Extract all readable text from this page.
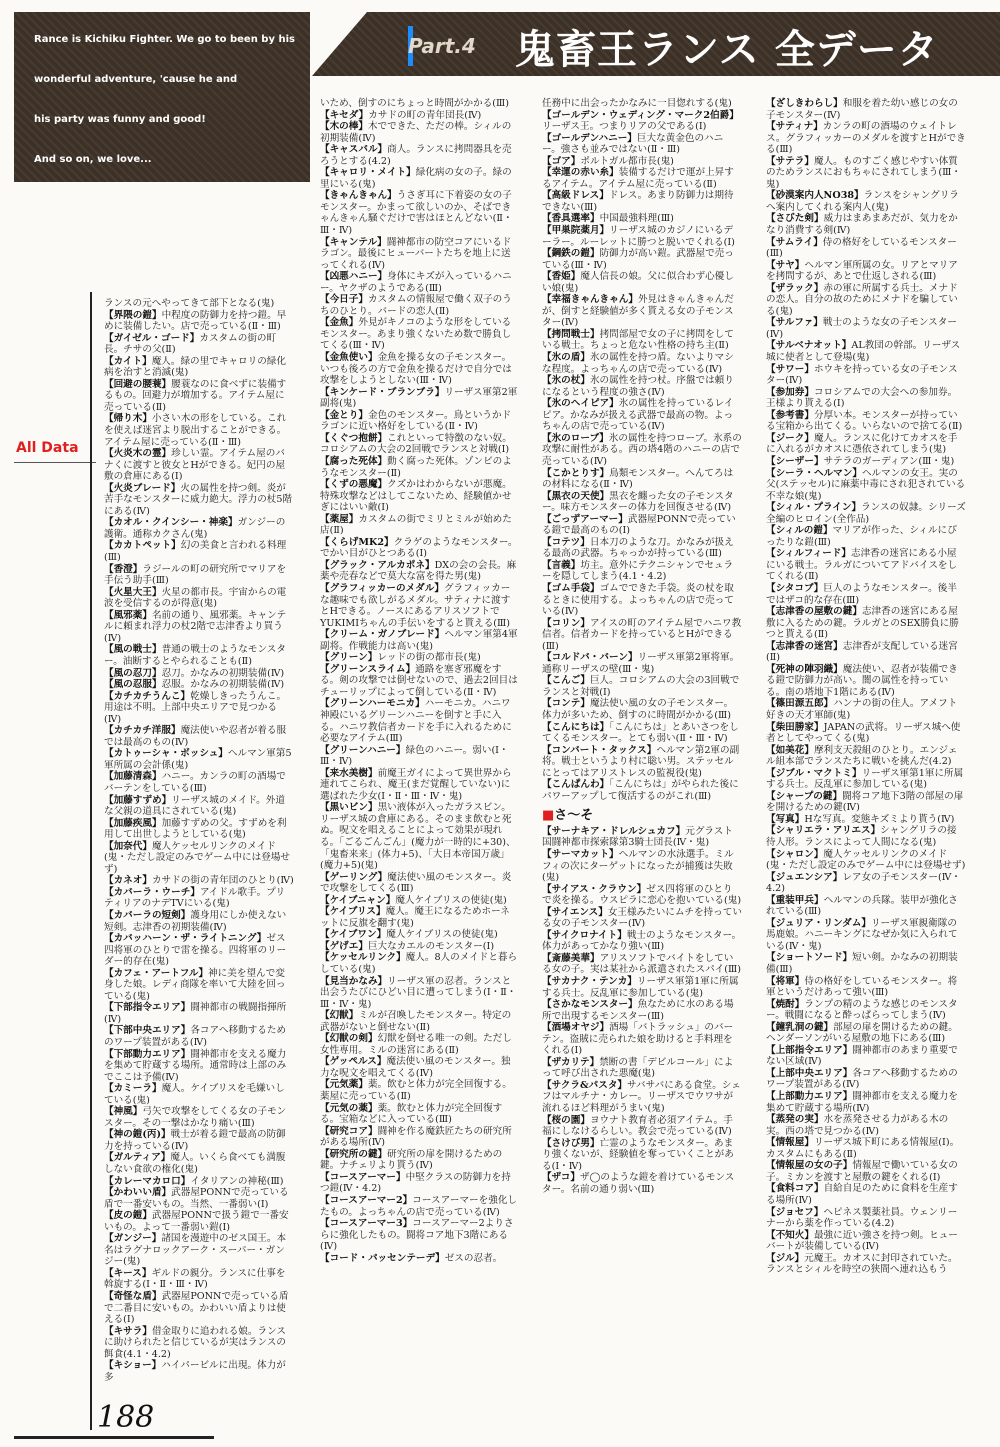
Rance is Kichiku Fighter. We go to been by his
wonderful adventure, 'cause he and
his party was funny and good!
And so on, we love...
Part.4 鬼畜王ランス 全データ
All Data

ランスの元へやってきて部下となる(鬼)

【界隈の鎧】中程度の防御力を持つ鎧。早めに装備したい。店で売っている(Ⅱ・Ⅲ)

【ガイゼル・ゴード】カスタムの街の町長。チサの父(Ⅱ)

【カイト】魔人。緑の里でキャロリの緑化病を治すと消滅(鬼)

【回避の腰蓑】腰蓑なのに食べずに装備するもの。回避力が増加する。アイテム屋に売っている(Ⅱ)

【帰り木】小さい木の形をしている。これを使えば迷宮より脱出することができる。アイテム屋に売っている(Ⅱ・Ⅲ)

【火炎木の霊】珍しい霊。アイテム屋のバナくに渡すと彼女とHができる。妃円の屋敷の倉庫にある(Ⅰ)

【火炎ブレード】火の属性を持つ剣。炎が苦手なモンスターに威力絶大。浮力の杖5階にある(Ⅳ)

【カオル・クインシー・神楽】ガンジーの護衛。通称カクさん(鬼)

【カカトペット】幻の美食と言われる料理(Ⅲ)

【香澄】ラジールの町の研究所でマリアを手伝う助手(Ⅲ)

【火星大王】火星の都市長。宇宙からの電波を受信するのが得意(鬼)

【風邪薬】名前の通り、風邪薬。キャンテルに頼まれ浮力の杖2階で志津香より買う(Ⅳ)

【風の戦士】普通の戦士のようなモンスター。油断するとやられることも(Ⅱ)

【風の忍刀】忍刀。かなみの初期装備(Ⅳ)

【風の忍服】忍服。かなみの初期装備(Ⅳ)

【カチカチうんこ】乾燥しきったうんこ。用途は不明。上部中央エリアで見つかる(Ⅳ)

【カチカチ洋服】魔法使いや忍者が着る服では最高のもの(Ⅳ)

【カトゥーシャ・ボッシュ】ヘルマン軍第5軍所属の会計係(鬼)

【加藤清森】ハニー。カンラの町の酒場でバーテンをしている(Ⅲ)

【加藤すずめ】リーザス城のメイド。外道な父親の道具にされている(鬼)

【加藤疾風】加藤すずめの父。すずめを利用して出世しようとしている(鬼)

【加奈代】魔人ケッセルリンクのメイド(鬼・ただし設定のみでゲーム中には登場せず)

【カネオ】カサドの街の青年団のひとり(Ⅳ)

【カバーラ・ウーチ】アイドル歌手。プリティリアのナデTVにいる(鬼)

【カバーラの短剣】護身用にしか使えない短剣。志津香の初期装備(Ⅳ)

【カバッハーン・ザ・ライトニング】ゼス四将軍のひとりで雷を操る。四将軍のリーダー的存在(鬼)

【カフェ・アートフル】神に美を望んで変身した娘。レディ商隊を率いて大陸を回っている(鬼)

【下部指令エリア】闘神都市の戦闘指揮所(Ⅳ)

【下部中央エリア】各コアへ移動するためのワープ装置がある(Ⅳ)

【下部動力エリア】闘神都市を支える魔力を集めて貯蔵する場所。通常時は上部のみでここは予備(Ⅳ)

【カミーラ】魔人。ケイブリスを毛嫌いしている(鬼)

【神風】弓矢で攻撃をしてくる女の子モンスター。その一撃はかなり痛い(Ⅲ)

【神の鎧(丙)】戦士が着る鎧で最高の防御力を持っている(Ⅳ)

【ガルティア】魔人。いくら食べても満腹しない食欲の権化(鬼)

【カレーマカロ口】イタリアンの神秘(Ⅲ)

【かわいい盾】武器屋PONNで売っている盾で一番安いもの。当然、一番弱い(Ⅰ)

【皮の鎧】武器屋PONNで扱う鎧で一番安いもの。よって一番弱い鎧(Ⅰ)

【ガンジー】諸国を漫遊中のゼス国王。本名はラグナロックアーク・スーパー・ガンジー(鬼)

【キース】ギルドの親分。ランスに仕事を斡旋する(Ⅰ・Ⅱ・Ⅲ・Ⅳ)

【奇怪な盾】武器屋PONNで売っている盾で二番目に安いもの。かわいい盾よりは使える(Ⅰ)

【キサラ】借金取りに追われる娘。ランスに助けられたと信じているが実はランスの餌食(4.1・4.2)

【キショー】ハイパービルに出現。体力が多

いため、倒すのにちょっと時間がかかる(Ⅲ)

【キセダ】カサドの町の青年団長(Ⅳ)

【木の棒】木でできた、ただの棒。シィルの初期装備(Ⅳ)

【キャスバル】商人。ランスに拷問器具を売ろうとする(4.2)

【キャロリ・メイト】緑化病の女の子。緑の里にいる(鬼)

【きゃんきゃん】うさぎ耳に下着姿の女の子モンスター。かまって欲しいのか、そばできゃんきゃん騒ぐだけで害はほとんどない(Ⅱ・Ⅲ・Ⅳ)

【キャンテル】闘神都市の防空コアにいるドラゴン。最後にヒューバートたちを地上に送ってくれる(Ⅳ)

【凶悪ハニー】身体にキズが入っているハニー。ヤクザのようである(Ⅲ)

【今日子】カスタムの情報屋で働く双子のうちのひとり。バードの恋人(Ⅱ)

【金魚】外見がキノコのような形をしているモンスター。あまり強くないため数で勝負してくる(Ⅲ・Ⅳ)

【金魚使い】金魚を操る女の子モンスター。いつも後ろの方で金魚を操るだけで自分では攻撃をしようとしない(Ⅲ・Ⅳ)

【キンケード・ブランブラ】リーザス軍第2軍副将(鬼)

【金とり】金色のモンスター。鳥というかドラゴンに近い格好をしている(Ⅱ・Ⅳ)

【くぐつ抱餅】これといって特徴のない奴。コロシアムの大会の2回戦でランスと対戦(Ⅰ)

【腐った死体】動く腐った死体。ゾンビのようなモンスター(Ⅱ)

【くずの悪魔】クズかはわからないが悪魔。特殊攻撃などはしてこないため、経験値かせぎにはいい敵(Ⅰ)

【薬屋】カスタムの街でミリとミルが始めた店(Ⅱ)

【くらげMK2】クラゲのようなモンスター。でかい目がひとつある(Ⅰ)

【グラック・アルカポネ】DXの会の会長。麻薬や売春などで莫大な富を得た男(鬼)

【グラフィッカーのメダル】グラフィッカーな趣味でも欲しがるメダル。サティナに渡すとHできる。ノースにあるアリスソフトでYUKIMIちゃんの手伝いをすると貰える(Ⅲ)

【クリーム・ガノブレード】ヘルマン軍第4軍副将。作戦能力は高い(鬼)

【グリーン】レッドの街の都市長(鬼)

【グリーンスライム】通路を塞ぎ邪魔をする。剣の攻撃では倒せないので、過去2回目はチューリップによって倒している(Ⅱ・Ⅳ)

【グリーンハーモニカ】ハーモニカ。ハニワ神殿にいるグリーンハニーを倒すと手に入る。ハニワ教信者カードを手に入れるために必要なアイテム(Ⅲ)

【グリーンハニー】緑色のハニー。弱い(Ⅰ・Ⅲ・Ⅳ)

【来水美樹】前魔王ガイによって異世界から連れてこられ、魔王(まだ覚醒していない)に選ばれた少女(Ⅰ・Ⅱ・Ⅲ・Ⅳ・鬼)

【黒いビン】黒い液体が入ったガラスビン。リーザス城の倉庫にある。そのまま飲むと死ぬ。呪文を唱えることによって効果が現れる。「ごるごんごん」(魔力が一時的に+30)、「鬼畜来来」(体力+5)、「大日本帝国万歳」(魔力+5)(鬼)

【ゲーリング】魔法使い風のモンスター。炎で攻撃をしてくる(Ⅲ)

【ケイブニャン】魔人ケイブリスの使徒(鬼)

【ケイブリス】魔人。魔王になるためホーネットに反旗を翻す(鬼)

【ケイブワン】魔人ケイブリスの使徒(鬼)

【ゲげエ】巨大なカエルのモンスター(Ⅰ)

【ケッセルリンク】魔人。8人のメイドと暮らしている(鬼)

【見当かなみ】リーザス軍の忍者。ランスと出会うたびにひどい目に遭ってしまう(Ⅰ・Ⅱ・Ⅲ・Ⅳ・鬼)

【幻獣】ミルが召喚したモンスター。特定の武器がないと倒せない(Ⅱ)

【幻獣の剣】幻獣を倒せる唯一の剣。ただし女性専用。ミルの迷宮にある(Ⅱ)

【ゲッペルス】魔法使い風のモンスター。独力な呪文を唱えてくる(Ⅳ)

【元気薬】薬。飲むと体力が完全回復する。薬屋に売っている(Ⅱ)

【元気の薬】薬。飲むと体力が完全回復する。宝箱などに入っている(Ⅲ)

【研究コア】闘神を作る魔鉄匠たちの研究所がある場所(Ⅳ)

【研究所の鍵】研究所の扉を開けるための鍵。ナチェリより貰う(Ⅳ)

【コースアーマー】中堅クラスの防御力を持つ鎧(Ⅳ・4.2)

【コースアーマー2】コースアーマーを強化したもの。よっちゃんの店で売っている(Ⅳ)

【コースアーマー3】コースアーマー2よりさらに強化したもの。闘将コア地下3階にある(Ⅳ)

【コード・パッセンテーデ】ゼスの忍者。

任務中に出会ったかなみに一目惚れする(鬼)

【ゴールデン・ウェディング・マーク2伯爵】リーザス王。つまりリアの父である(Ⅰ)

【ゴールデンハニー】巨大な黄金色のハニー。強さも並みではない(Ⅱ・Ⅲ)

【ゴア】ポルトガル都市長(鬼)

【幸運の赤い糸】装備するだけで運が上昇するアイテム。アイテム屋に売っている(Ⅱ)

【高級ドレス】ドレス。あまり防御力は期待できない(Ⅲ)

【香具選率】中国最強料理(Ⅲ)

【甲巣院薬月】リーザス城のカジノにいるデーラー。ルーレットに勝つと脱いでくれる(Ⅰ)

【鋼鉄の鎧】防御力が高い鎧。武器屋で売っている(Ⅲ・Ⅳ)

【香姫】魔人信長の娘。父に似合わず心優しい娘(鬼)

【幸福きゃんきゃん】外見はきゃんきゃんだが、倒すと経験値が多く貰える女の子モンスター(Ⅳ)

【拷問戦士】拷問部屋で女の子に拷問をしている戦士。ちょっと危ない性格の持ち主(Ⅱ)

【氷の盾】氷の属性を持つ盾。ないよりマシな程度。よっちゃんの店で売っている(Ⅳ)

【氷の杖】氷の属性を持つ杖。序盤では頼りになるという程度の強さ(Ⅳ)

【氷のヘイピア】氷の属性を持っているレイピア。かなみが扱える武器で最高の物。よっちゃんの店で売っている(Ⅳ)

【氷のローブ】氷の属性を持つローブ。氷系の攻撃に耐性がある。西の塔4階のハニーの店で売っている(Ⅳ)

【こかとりす】鳥類モンスター。へんてろはの材料になる(Ⅱ・Ⅳ)

【黒衣の天使】黒衣を纏った女の子モンスター。味方モンスターの体力を回復させる(Ⅳ)

【ごっずアーマー】武器屋PONNで売っている鎧で最高のもの(Ⅰ)

【コテツ】日本刀のような刀。かなみが扱える最高の武器。ちゃっかが持っている(Ⅲ)

【言義】坊主。意外にテクニシャンでセュラーを隠してしまう(4.1・4.2)

【ゴム手袋】ゴムでできた手袋。炎の杖を取るときに使用する。よっちゃんの店で売っている(Ⅳ)

【コリン】アイスの町のアイテム屋でハニワ教信者。信者カードを持っているとHができる(Ⅲ)

【コルドバ・バーン】リーザス軍第2軍将軍。通称リーザスの壁(Ⅲ・鬼)

【こんご】巨人。コロシアムの大会の3回戦でランスと対戦(Ⅰ)

【コンテ】魔法使い風の女の子モンスター。体力が多いため、倒すのに時間がかかる(Ⅲ)

【こんにちは】「こんにちは」とあいさつをしてくるモンスター。とても弱い(Ⅱ・Ⅲ・Ⅳ)

【コンバート・タックス】ヘルマン第2軍の副将。戦士というより村に聡い男。ステッセルにとってはアリストレスの監視役(鬼)

【こんぱんわ】「こんにちは」がやられた後にパワーアップして復活するのがこれ(Ⅲ)

■さ～そ

【サーナキア・ドレルシュカフ】元グラスト国闘神都市探索隊第3騎士団長(Ⅳ・鬼)

【サーマカット】ヘルマンの水泳選手。ミルフィの次にターゲットになったが捕獲は失敗(鬼)

【サイアス・クラウン】ゼス四将軍のひとりで炎を操る。ウスピラに恋心を抱いている(鬼)

【サイエンス】女王様みたいにムチを持っている女の子モンスター(Ⅳ)

【サイクロナイト】戦士のようなモンスター。体力があってかなり強い(Ⅲ)

【斎藤美華】アリスソフトでバイトをしている女の子。実は某社から派遣されたスパイ(Ⅲ)

【サカナク・テンカ】リーザス軍第1軍に所属する兵士。反乱軍に参加している(鬼)

【さかなモンスター】魚なために水のある場所で出現するモンスター(Ⅲ)

【酒場オヤジ】酒場「バトラッシュ」のバーテン。盗賊に売られた娘を助けると手料理をくれる(Ⅰ)

【ザカリテ】禁断の書「デビルコール」によって呼び出された悪魔(鬼)

【サクラ&パスタ】サバサバにある食堂。シェフはマルチナ・カレー。リーザスでウワサが流れるほど料理がうまい(鬼)

【桜の園】ヨウナト教育者必須アイテム。手福にしなけるらしい。教会で売っている(Ⅳ)

【さけび男】亡霊のようなモンスター。あまり強くないが、経験値を奪っていくことがある(Ⅰ・Ⅳ)

【ザコ】ザ◯のような鎧を着けているモンスター。名前の通り弱い(Ⅲ)

【ざしきわらし】和服を着た幼い感じの女の子モンスター(Ⅳ)

【サティナ】カンラの町の酒場のウェイトレス。グラフィッカーのメダルを渡すとHができる(Ⅲ)

【サテラ】魔人。ものすごく感じやすい体質のためランスにおもちゃにされてしまう(Ⅲ・鬼)

【砂漠案内人NO38】ランスをシャングリラへ案内してくれる案内人(鬼)

【さびた剣】威力はまあまあだが、気力をかなり消費する剣(Ⅳ)

【サムライ】侍の格好をしているモンスター(Ⅲ)

【サヤ】ヘルマン軍所属の女。リアとマリアを拷問するが、あとで仕返しされる(Ⅲ)

【ザラック】赤の軍に所属する兵士。メナドの恋人。自分の故のためにメナドを騙している(鬼)

【サルファ】戦士のような女の子モンスター(Ⅳ)

【サルベナオット】AL教団の幹部。リーザス城に使者として登場(鬼)

【サワー】ホウキを持っている女の子モンスター(Ⅳ)

【参加券】コロシアムでの大会への参加券。王様より貰える(Ⅰ)

【参考書】分厚い本。モンスターが持っている宝箱から出てくる。いらないので捨てる(Ⅱ)

【ジーク】魔人。ランスに化けてカオスを手に入れるがカオスに憑依されてしまう(鬼)

【シーザー】サテラのガーディアン(Ⅲ・鬼)

【シーラ・ヘルマン】ヘルマンの女王。実の父(ステッセル)に麻薬中毒にされ犯されている不幸な娘(鬼)

【シィル・プライン】ランスの奴隷。シリーズ全編のヒロイン(全作品)

【シィルの鎧】マリアが作った、シィルにぴったりな鎧(Ⅲ)

【シィルフィード】志津香の迷宮にある小屋にいる戦士。ラルガについてアドバイスをしてくれる(Ⅱ)

【シタコブ】巨人のようなモンスター。後半ではザコ的な存在(Ⅲ)

【志津香の屋敷の鍵】志津香の迷宮にある屋敷に入るための鍵。ラルガとのSEX勝負に勝つと貰える(Ⅱ)

【志津香の迷宮】志津香が支配している迷宮(Ⅱ)

【死神の陣羽織】魔法使い、忍者が装備できる鎧で防御力が高い。闇の属性を持っている。南の塔地下1階にある(Ⅳ)

【篠田源五郎】ハンナの街の住人。アメフト好きの天才軍師(鬼)

【柴田勝家】JAPANの武将。リーザス城へ使者としてやってくる(鬼)

【如美花】摩利支天殺組のひとり。エンジェル組本部でランスたちに戦いを挑んだ(4.2)

【ジブル・マクトミ】リーザス軍第1軍に所属する兵士。反乱軍に参加している(鬼)

【シャープの鍵】闘将コア地下3階の部屋の扉を開けるための鍵(Ⅳ)

【写真】Hな写真。変態キズミより貰う(Ⅳ)

【シャリエラ・アリエス】シャングリラの接待人形。ランスによって人間になる(鬼)

【シャロン】魔人ケッセルリンクのメイド(鬼・ただし設定のみでゲーム中には登場せず)

【ジュエンシア】レア女の子モンスター(Ⅳ・4.2)

【重装甲兵】ヘルマンの兵隊。装甲が強化されている(Ⅲ)

【ジュリア・リンダム】リーザス軍親衛隊の馬鹿娘。ハニーキングになぜか気に入られている(Ⅳ・鬼)

【ショートソード】短い剣。かなみの初期装備(Ⅲ)

【将軍】侍の格好をしているモンスター。将軍というだけあって強い(Ⅲ)

【焼酎】ランプの精のような感じのモンスター。戦闘になると酔っぱらってしまう(Ⅳ)

【鐘乳洞の鍵】部屋の扉を開けるための鍵。ヘンダーソンがいる屋敷の地下にある(Ⅲ)

【上部指令エリア】闘神都市のあまり重要でない区域(Ⅳ)

【上部中央エリア】各コアへ移動するためのワープ装置がある(Ⅳ)

【上部動力エリア】闘神都市を支える魔力を集めて貯蔵する場所(Ⅳ)

【蒸発の実】水を蒸発させる力がある木の実。西の塔で見つかる(Ⅳ)

【情報屋】リーザス城下町にある情報屋(Ⅰ)。カスタムにもある(Ⅱ)

【情報屋の女の子】情報屋で働いている女の子。ミカンを渡すと屋敷の鍵をくれる(Ⅰ)

【食料コア】自給自足のために食料を生産する場所(Ⅳ)

【ジョセフ】ヘピネス製薬社員。ウェンリーナーから薬を作っている(4.2)

【不知火】最強に近い強さを持つ剣。ヒューバートが装備している(Ⅳ)

【ジル】元魔王。カオスに封印されていた。ランスとシィルを時空の狭間へ連れ込もう

188
